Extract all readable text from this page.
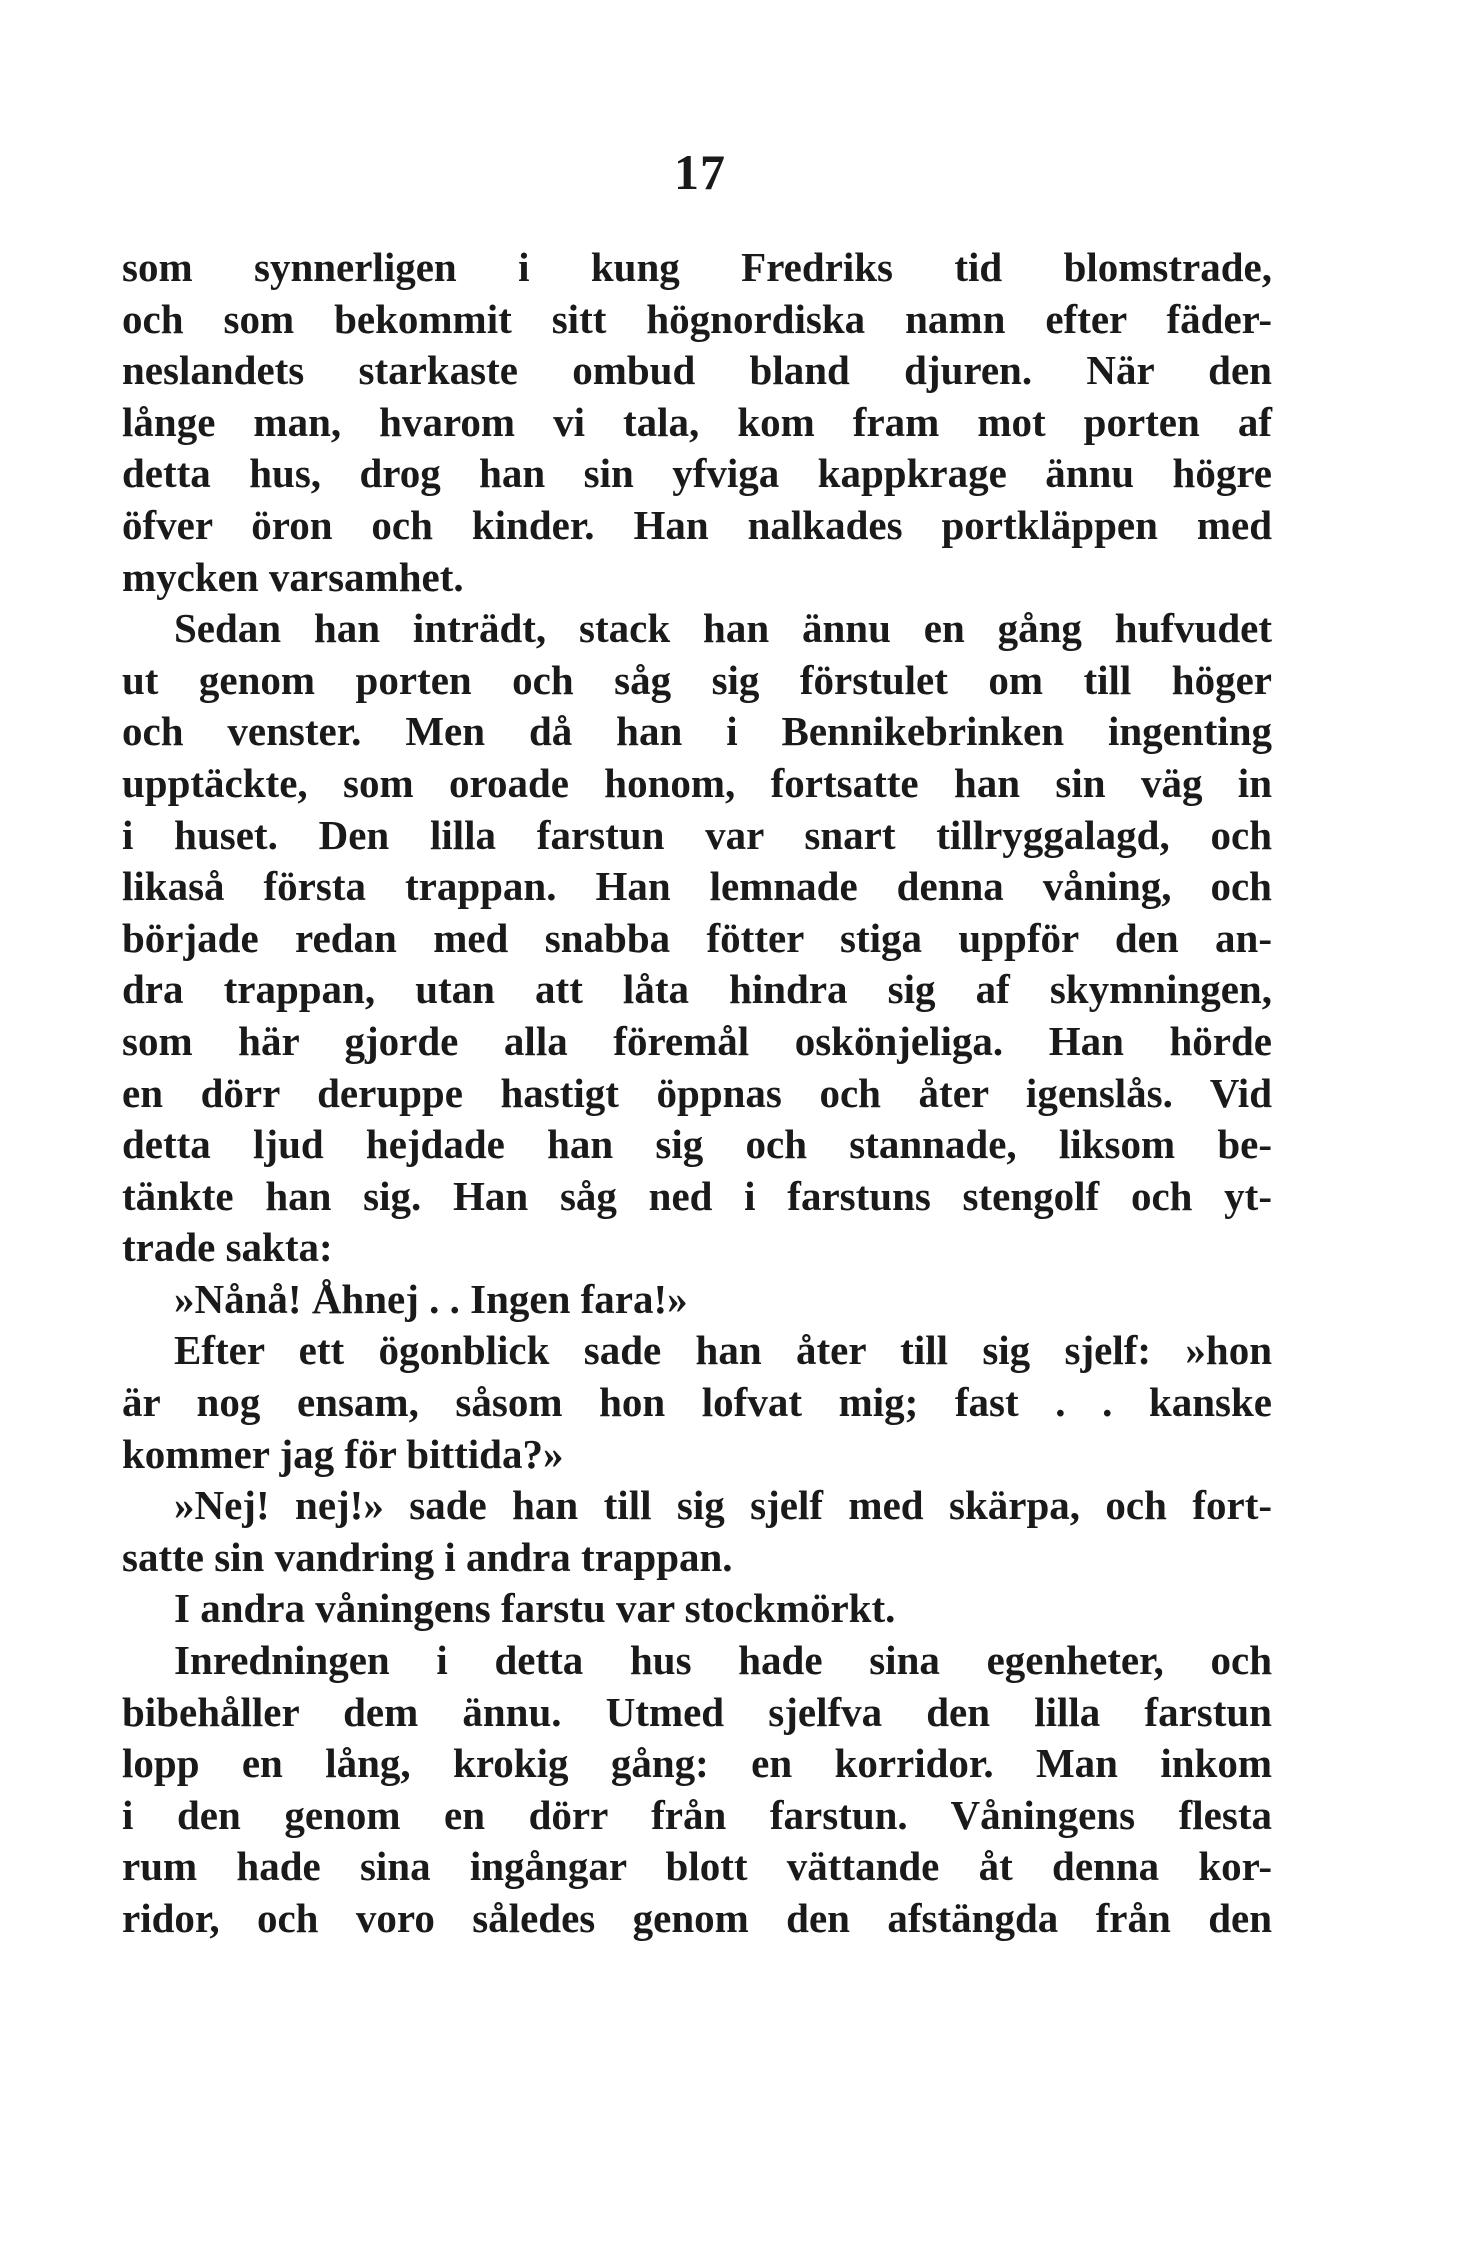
17
som synnerligen i kung Fredriks tid blomstrade,
och som bekommit sitt högnordiska namn efter fäder-
neslandets starkaste ombud bland djuren. När den
långe man, hvarom vi tala, kom fram mot porten af
detta hus, drog han sin yfviga kappkrage ännu högre
öfver öron och kinder. Han nalkades portkläppen med
mycken varsamhet.
Sedan han inträdt, stack han ännu en gång hufvudet
ut genom porten och såg sig förstulet om till höger
och venster. Men då han i Bennikebrinken ingenting
upptäckte, som oroade honom, fortsatte han sin väg in
i huset. Den lilla farstun var snart tillryggalagd, och
likaså första trappan. Han lemnade denna våning, och
började redan med snabba fötter stiga uppför den an-
dra trappan, utan att låta hindra sig af skymningen,
som här gjorde alla föremål oskönjeliga. Han hörde
en dörr deruppe hastigt öppnas och åter igenslås. Vid
detta ljud hejdade han sig och stannade, liksom be-
tänkte han sig. Han såg ned i farstuns stengolf och yt-
trade sakta:
»Nånå! Åhnej . . Ingen fara!»
Efter ett ögonblick sade han åter till sig sjelf: »hon
är nog ensam, såsom hon lofvat mig; fast . . kanske
kommer jag för bittida?»
»Nej! nej!» sade han till sig sjelf med skärpa, och fort-
satte sin vandring i andra trappan.
I andra våningens farstu var stockmörkt.
Inredningen i detta hus hade sina egenheter, och
bibehåller dem ännu. Utmed sjelfva den lilla farstun
lopp en lång, krokig gång: en korridor. Man inkom
i den genom en dörr från farstun. Våningens flesta
rum hade sina ingångar blott vättande åt denna kor-
ridor, och voro således genom den afstängda från den
